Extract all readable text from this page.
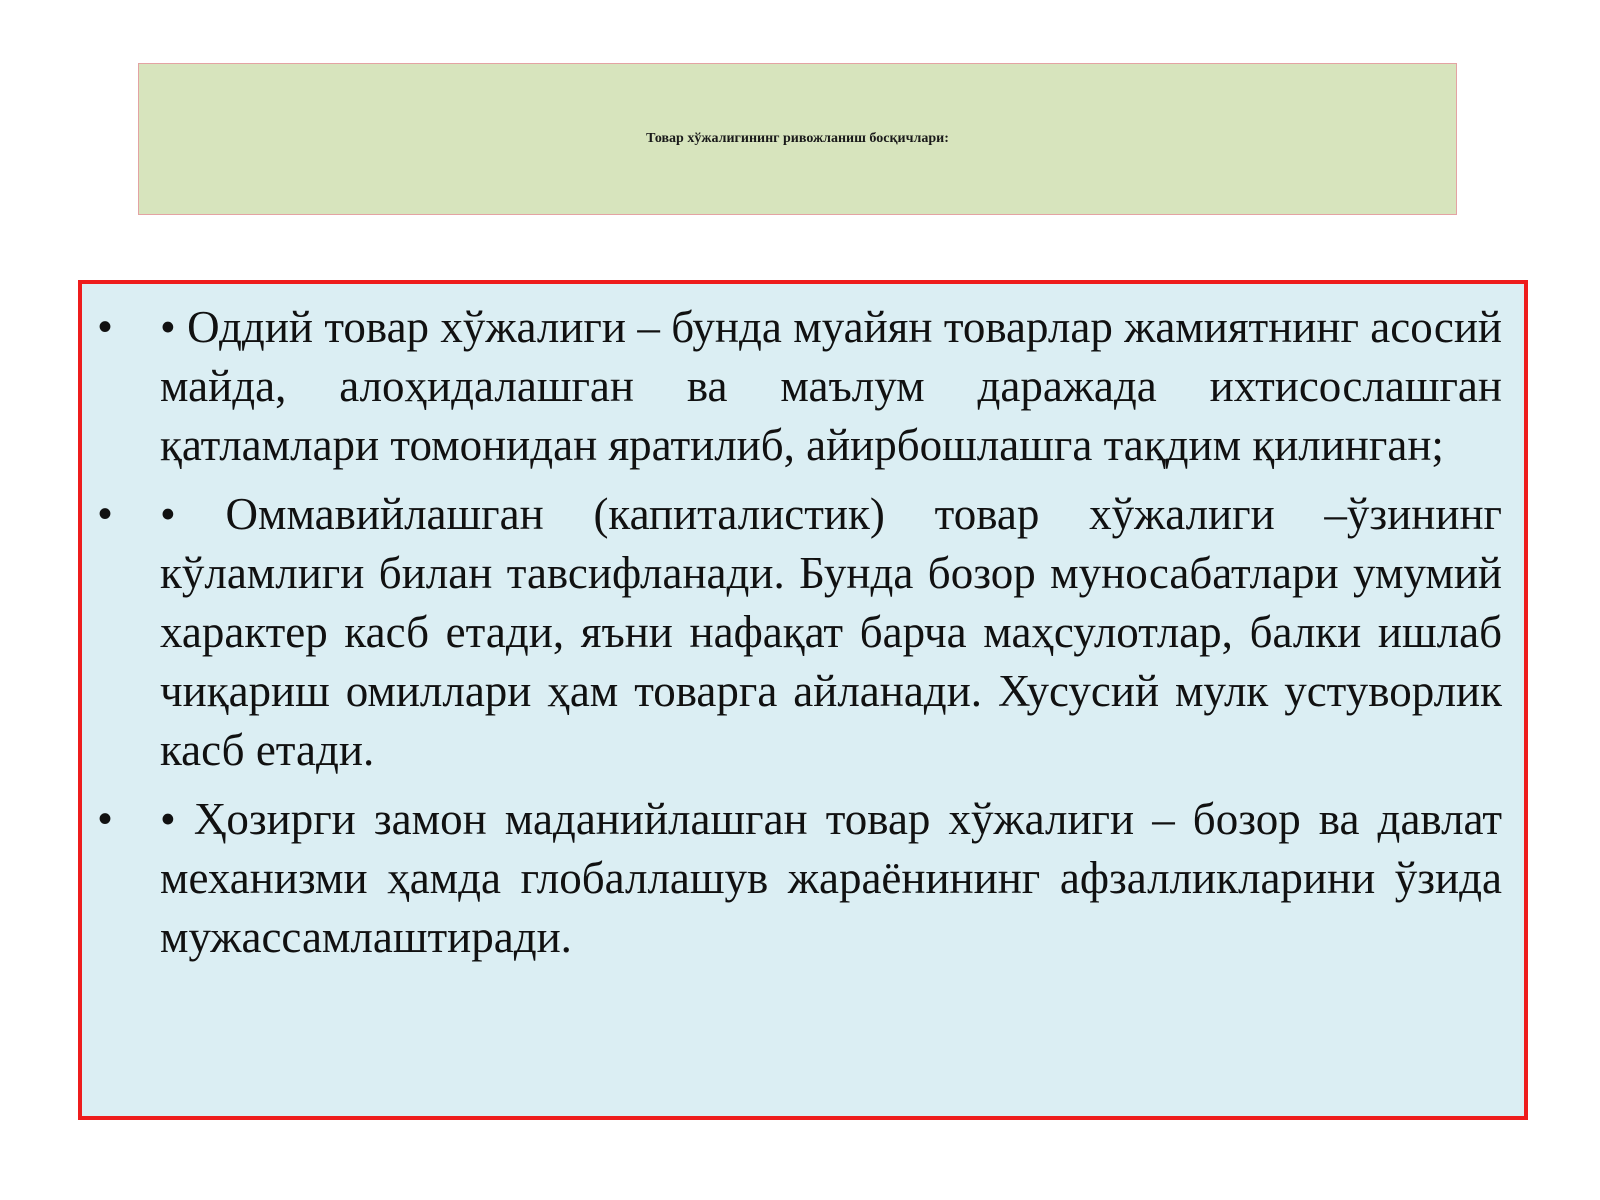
Товар хўжалигининг ривожланиш босқичлари:

• • Оддий товар хўжалиги – бунда муайян товарлар жамиятнинг асосий майда, алоҳидалашган ва маълум даражада ихтисослашган қатламлари томонидан яратилиб, айирбошлашга тақдим қилинган;
• • Оммавийлашган (капиталистик) товар хўжалиги –ўзининг кўламлиги билан тавсифланади. Бунда бозор муносабатлари умумий характер касб етади, яъни нафақат барча маҳсулотлар, балки ишлаб чиқариш омиллари ҳам товарга айланади. Хусусий мулк устуворлик касб етади.
• • Ҳозирги замон маданийлашган товар хўжалиги – бозор ва давлат механизми ҳамда глобаллашув жараёнининг афзалликларини ўзида мужассамлаштиради.
